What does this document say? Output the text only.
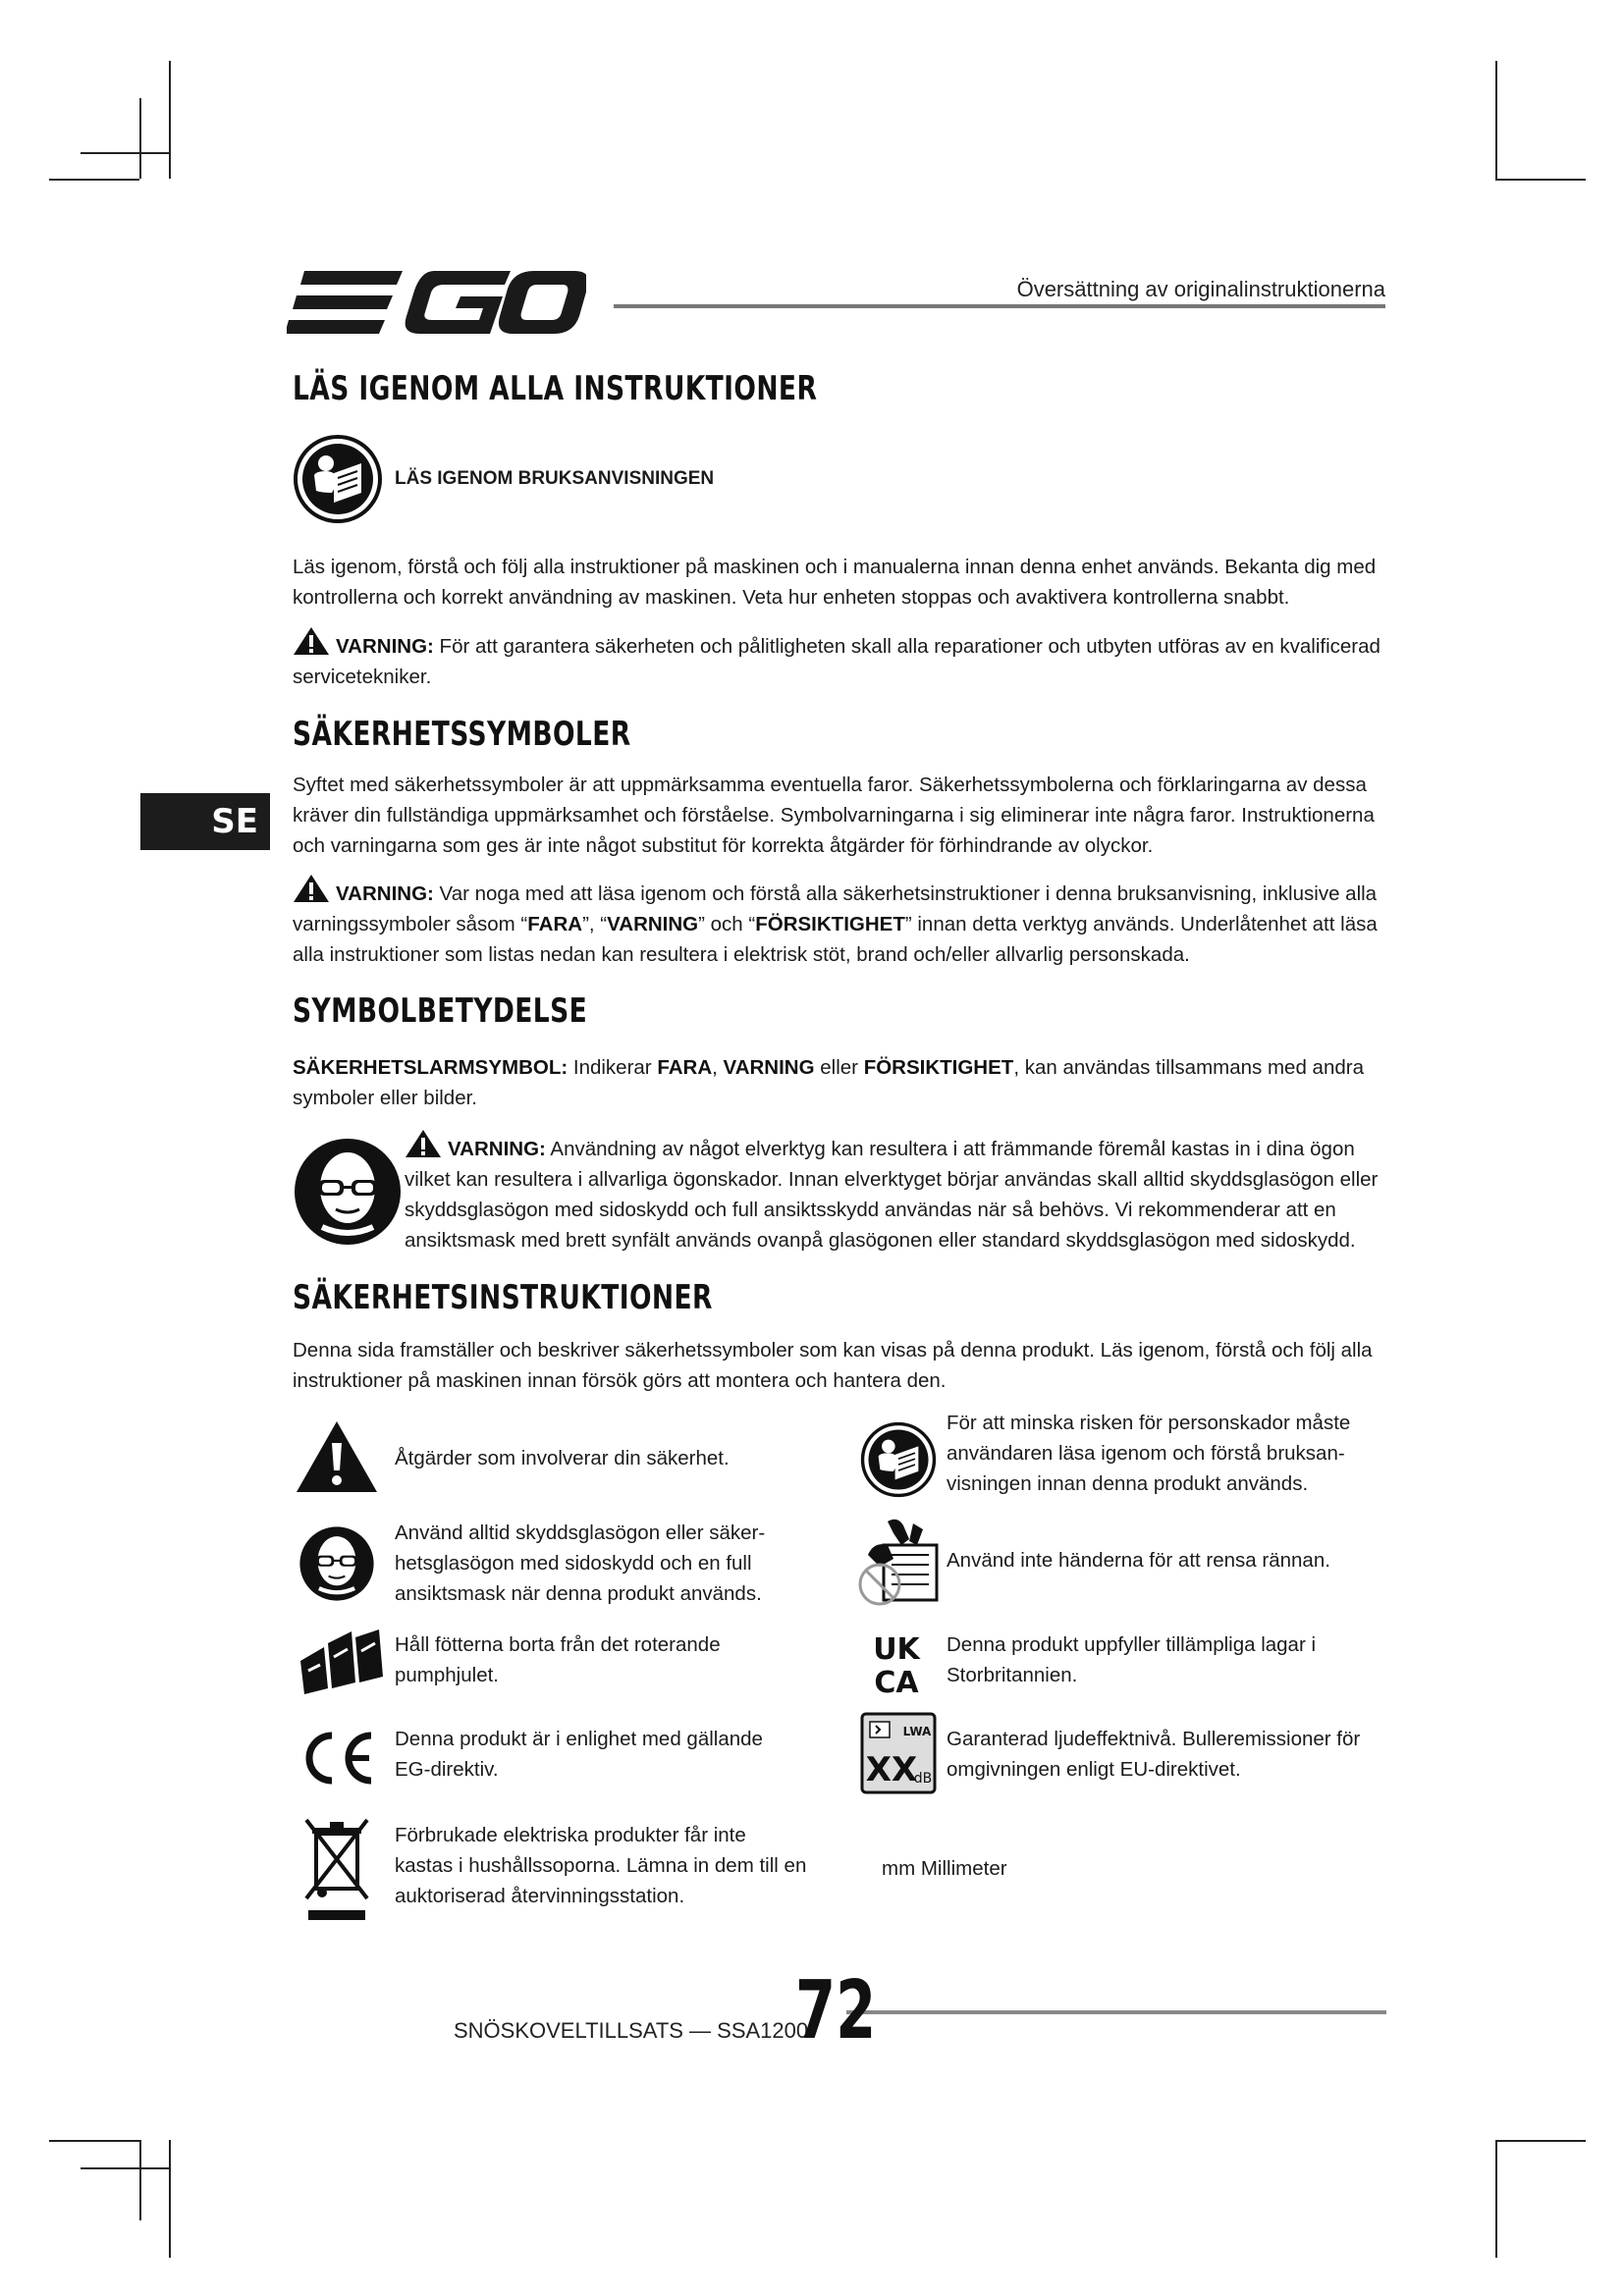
Översättning av originalinstruktionerna
SE
LÄS IGENOM ALLA INSTRUKTIONER
LÄS IGENOM BRUKSANVISNINGEN
Läs igenom, förstå och följ alla instruktioner på maskinen och i manualerna innan denna enhet används. Bekanta dig med kontrollerna och korrekt användning av maskinen. Veta hur enheten stoppas och avaktivera kontrollerna snabbt.
VARNING: För att garantera säkerheten och pålitligheten skall alla reparationer och utbyten utföras av en kvalificerad servicetekniker.
SÄKERHETSSYMBOLER
Syftet med säkerhetssymboler är att uppmärksamma eventuella faror. Säkerhetssymbolerna och förklaringarna av dessa kräver din fullständiga uppmärksamhet och förståelse. Symbolvarningarna i sig eliminerar inte några faror. Instruktionerna och varningarna som ges är inte något substitut för korrekta åtgärder för förhindrande av olyckor.
VARNING: Var noga med att läsa igenom och förstå alla säkerhetsinstruktioner i denna bruksanvisning, inklusive alla varningssymboler såsom “FARA”, “VARNING” och “FÖRSIKTIGHET” innan detta verktyg används. Underlåtenhet att läsa alla instruktioner som listas nedan kan resultera i elektrisk stöt, brand och/eller allvarlig personskada.
SYMBOLBETYDELSE
SÄKERHETSLARMSYMBOL: Indikerar FARA, VARNING eller FÖRSIKTIGHET, kan användas tillsammans med andra symboler eller bilder.
VARNING: Användning av något elverktyg kan resultera i att främmande föremål kastas in i dina ögon vilket kan resultera i allvarliga ögonskador. Innan elverktyget börjar användas skall alltid skyddsglasögon eller skyddsglasögon med sidoskydd och full ansiktsskydd användas när så behövs. Vi rekommenderar att en ansiktsmask med brett synfält används ovanpå glasögonen eller standard skyddsglasögon med sidoskydd.
SÄKERHETSINSTRUKTIONER
Denna sida framställer och beskriver säkerhetssymboler som kan visas på denna produkt. Läs igenom, förstå och följ alla instruktioner på maskinen innan försök görs att montera och hantera den.
Åtgärder som involverar din säkerhet.
Använd alltid skyddsglasögon eller säker-
hetsglasögon med sidoskydd och en full
ansiktsmask när denna produkt används.
Håll fötterna borta från det roterande
pumphjulet.
Denna produkt är i enlighet med gällande
EG-direktiv.
Förbrukade elektriska produkter får inte
kastas i hushållssoporna. Lämna in dem till en
auktoriserad återvinningsstation.
För att minska risken för personskador måste
användaren läsa igenom och förstå bruksan-
visningen innan denna produkt används.
Använd inte händerna för att rensa rännan.
UK
CA
Denna produkt uppfyller tillämpliga lagar i
Storbritannien.
LWA
XX
dB
Garanterad ljudeffektnivå. Bulleremissioner för
omgivningen enligt EU-direktivet.
mm Millimeter
SNÖSKOVELTILLSATS — SSA1200
72
